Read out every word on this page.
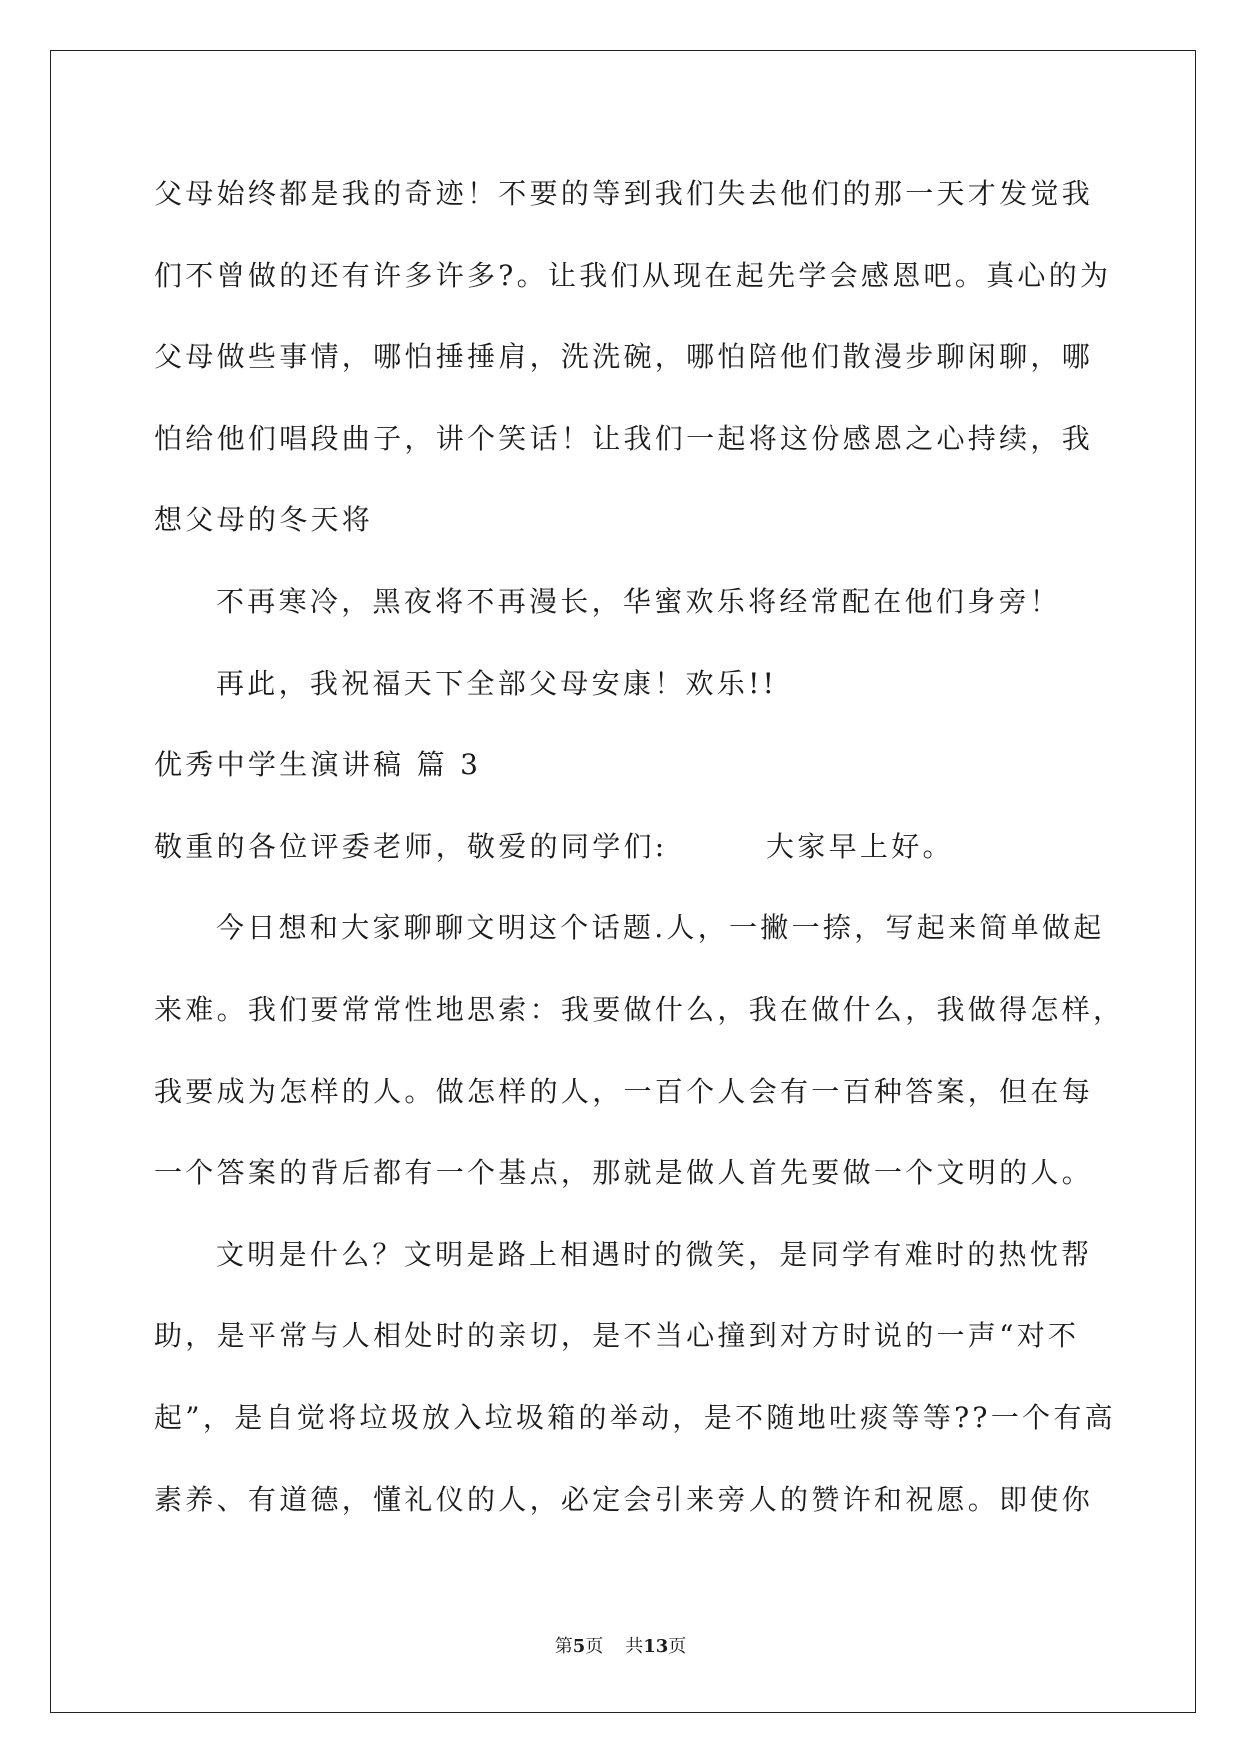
父母始终都是我的奇迹！不要的等到我们失去他们的那一天才发觉我
们不曾做的还有许多许多?。让我们从现在起先学会感恩吧。真心的为
父母做些事情，哪怕捶捶肩，洗洗碗，哪怕陪他们散漫步聊闲聊，哪
怕给他们唱段曲子，讲个笑话！让我们一起将这份感恩之心持续，我
想父母的冬天将
不再寒冷，黑夜将不再漫长，华蜜欢乐将经常配在他们身旁！
再此，我祝福天下全部父母安康！欢乐!!
优秀中学生演讲稿 篇 3
敬重的各位评委老师，敬爱的同学们:	大家早上好。
今日想和大家聊聊文明这个话题.人，一撇一捺，写起来简单做起
来难。我们要常常性地思索：我要做什么，我在做什么，我做得怎样，
我要成为怎样的人。做怎样的人，一百个人会有一百种答案，但在每
一个答案的背后都有一个基点，那就是做人首先要做一个文明的人。
文明是什么？文明是路上相遇时的微笑，是同学有难时的热忱帮
助，是平常与人相处时的亲切，是不当心撞到对方时说的一声“对不
起”，是自觉将垃圾放入垃圾箱的举动，是不随地吐痰等等??一个有高
素养、有道德，懂礼仪的人，必定会引来旁人的赞许和祝愿。即使你
第5页 共13页
